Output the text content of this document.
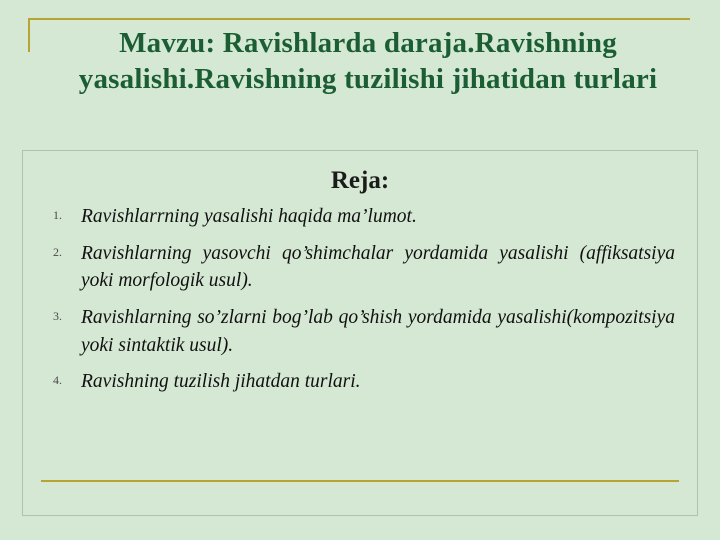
Mavzu: Ravishlarda daraja.Ravishning yasalishi.Ravishning tuzilishi jihatidan turlari
Reja:
Ravishlarrning yasalishi haqida ma’lumot.
Ravishlarning yasovchi qo’shimchalar yordamida yasalishi (affiksatsiya yoki morfologik usul).
Ravishlarning so’zlarni bog’lab qo’shish yordamida yasalishi(kompozitsiya yoki sintaktik usul).
Ravishning tuzilish jihatdan turlari.
